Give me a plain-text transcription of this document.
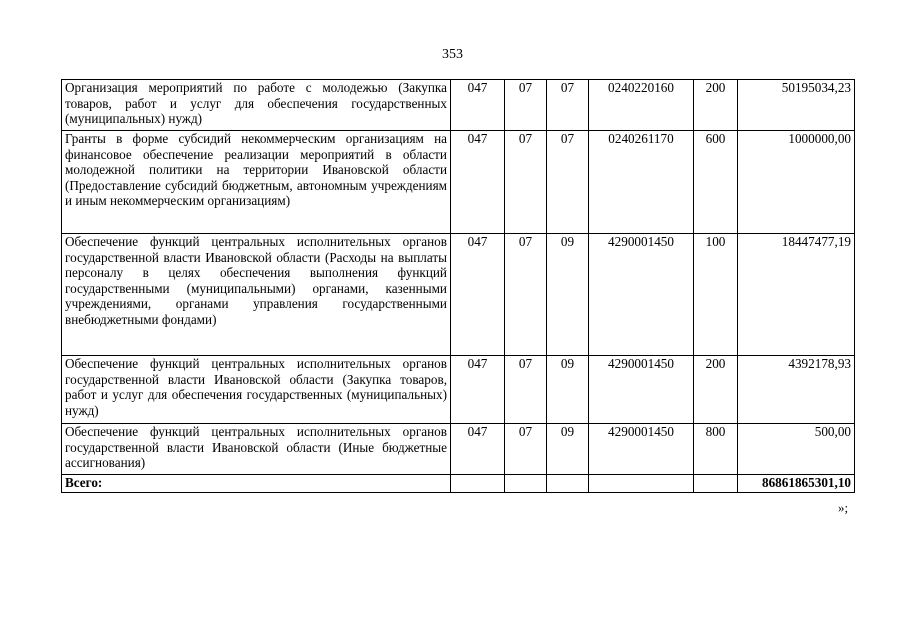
353
Организация мероприятий по работе с молодежью (Закупка товаров, работ и услуг для обеспечения государственных (муниципальных) нужд)	047	07	07	0240220160	200	50195034,23
Гранты в форме субсидий некоммерческим организациям на финансовое обеспечение реализации мероприятий в области молодежной политики на территории Ивановской области (Предоставление субсидий бюджетным, автономным учреждениям и иным некоммерческим организациям)	047	07	07	0240261170	600	1000000,00
Обеспечение функций центральных исполнительных органов государственной власти Ивановской области (Расходы на выплаты персоналу в целях обеспечения выполнения функций государственными (муниципальными) органами, казенными учреждениями, органами управления государственными внебюджетными фондами)	047	07	09	4290001450	100	18447477,19
Обеспечение функций центральных исполнительных органов государственной власти Ивановской области (Закупка товаров, работ и услуг для обеспечения государственных (муниципальных) нужд)	047	07	09	4290001450	200	4392178,93
Обеспечение функций центральных исполнительных органов государственной власти Ивановской области (Иные бюджетные ассигнования)	047	07	09	4290001450	800	500,00
Всего:						86861865301,10
»;
